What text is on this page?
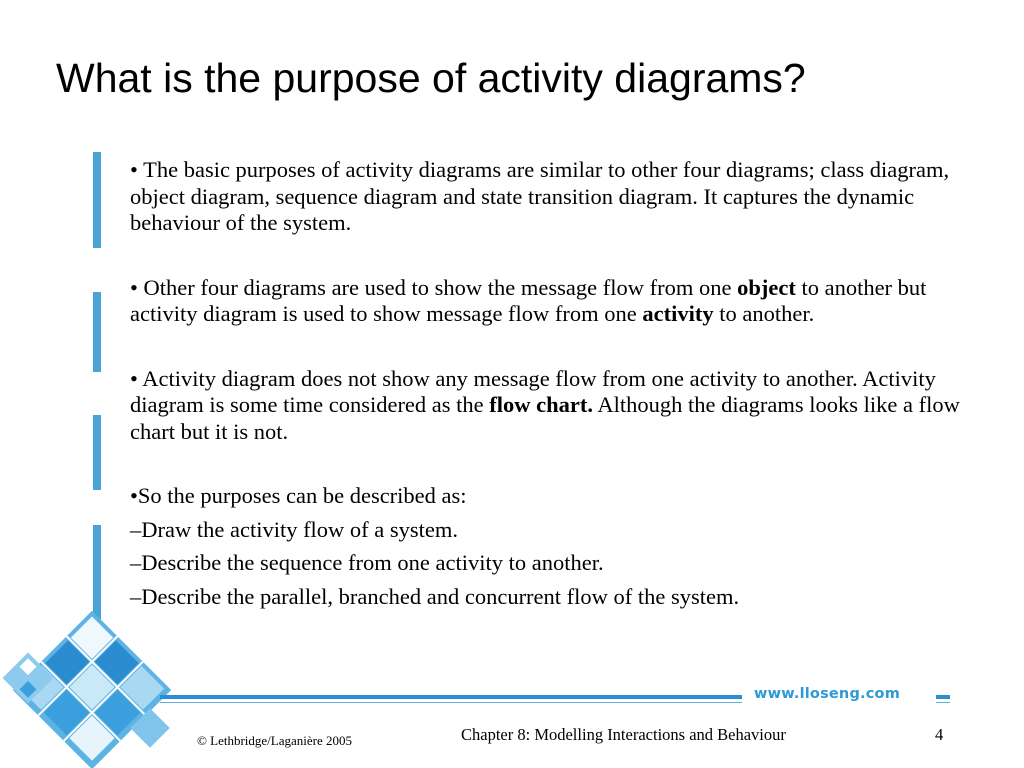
What is the purpose of activity diagrams?

• The basic purposes of activity diagrams are similar to other four diagrams; class diagram, object diagram, sequence diagram and state transition diagram. It captures the dynamic behaviour of the system.

• Other four diagrams are used to show the message flow from one object to another but activity diagram is used to show message flow from one activity to another.

• Activity diagram does not show any message flow from one activity to another. Activity diagram is some time considered as the flow chart. Although the diagrams looks like a flow chart but it is not.

•So the purposes can be described as:

–Draw the activity flow of a system.

–Describe the sequence from one activity to another.

–Describe the parallel, branched and concurrent flow of the system.

www.lloseng.com
© Lethbridge/Laganière 2005	Chapter 8: Modelling Interactions and Behaviour	4
